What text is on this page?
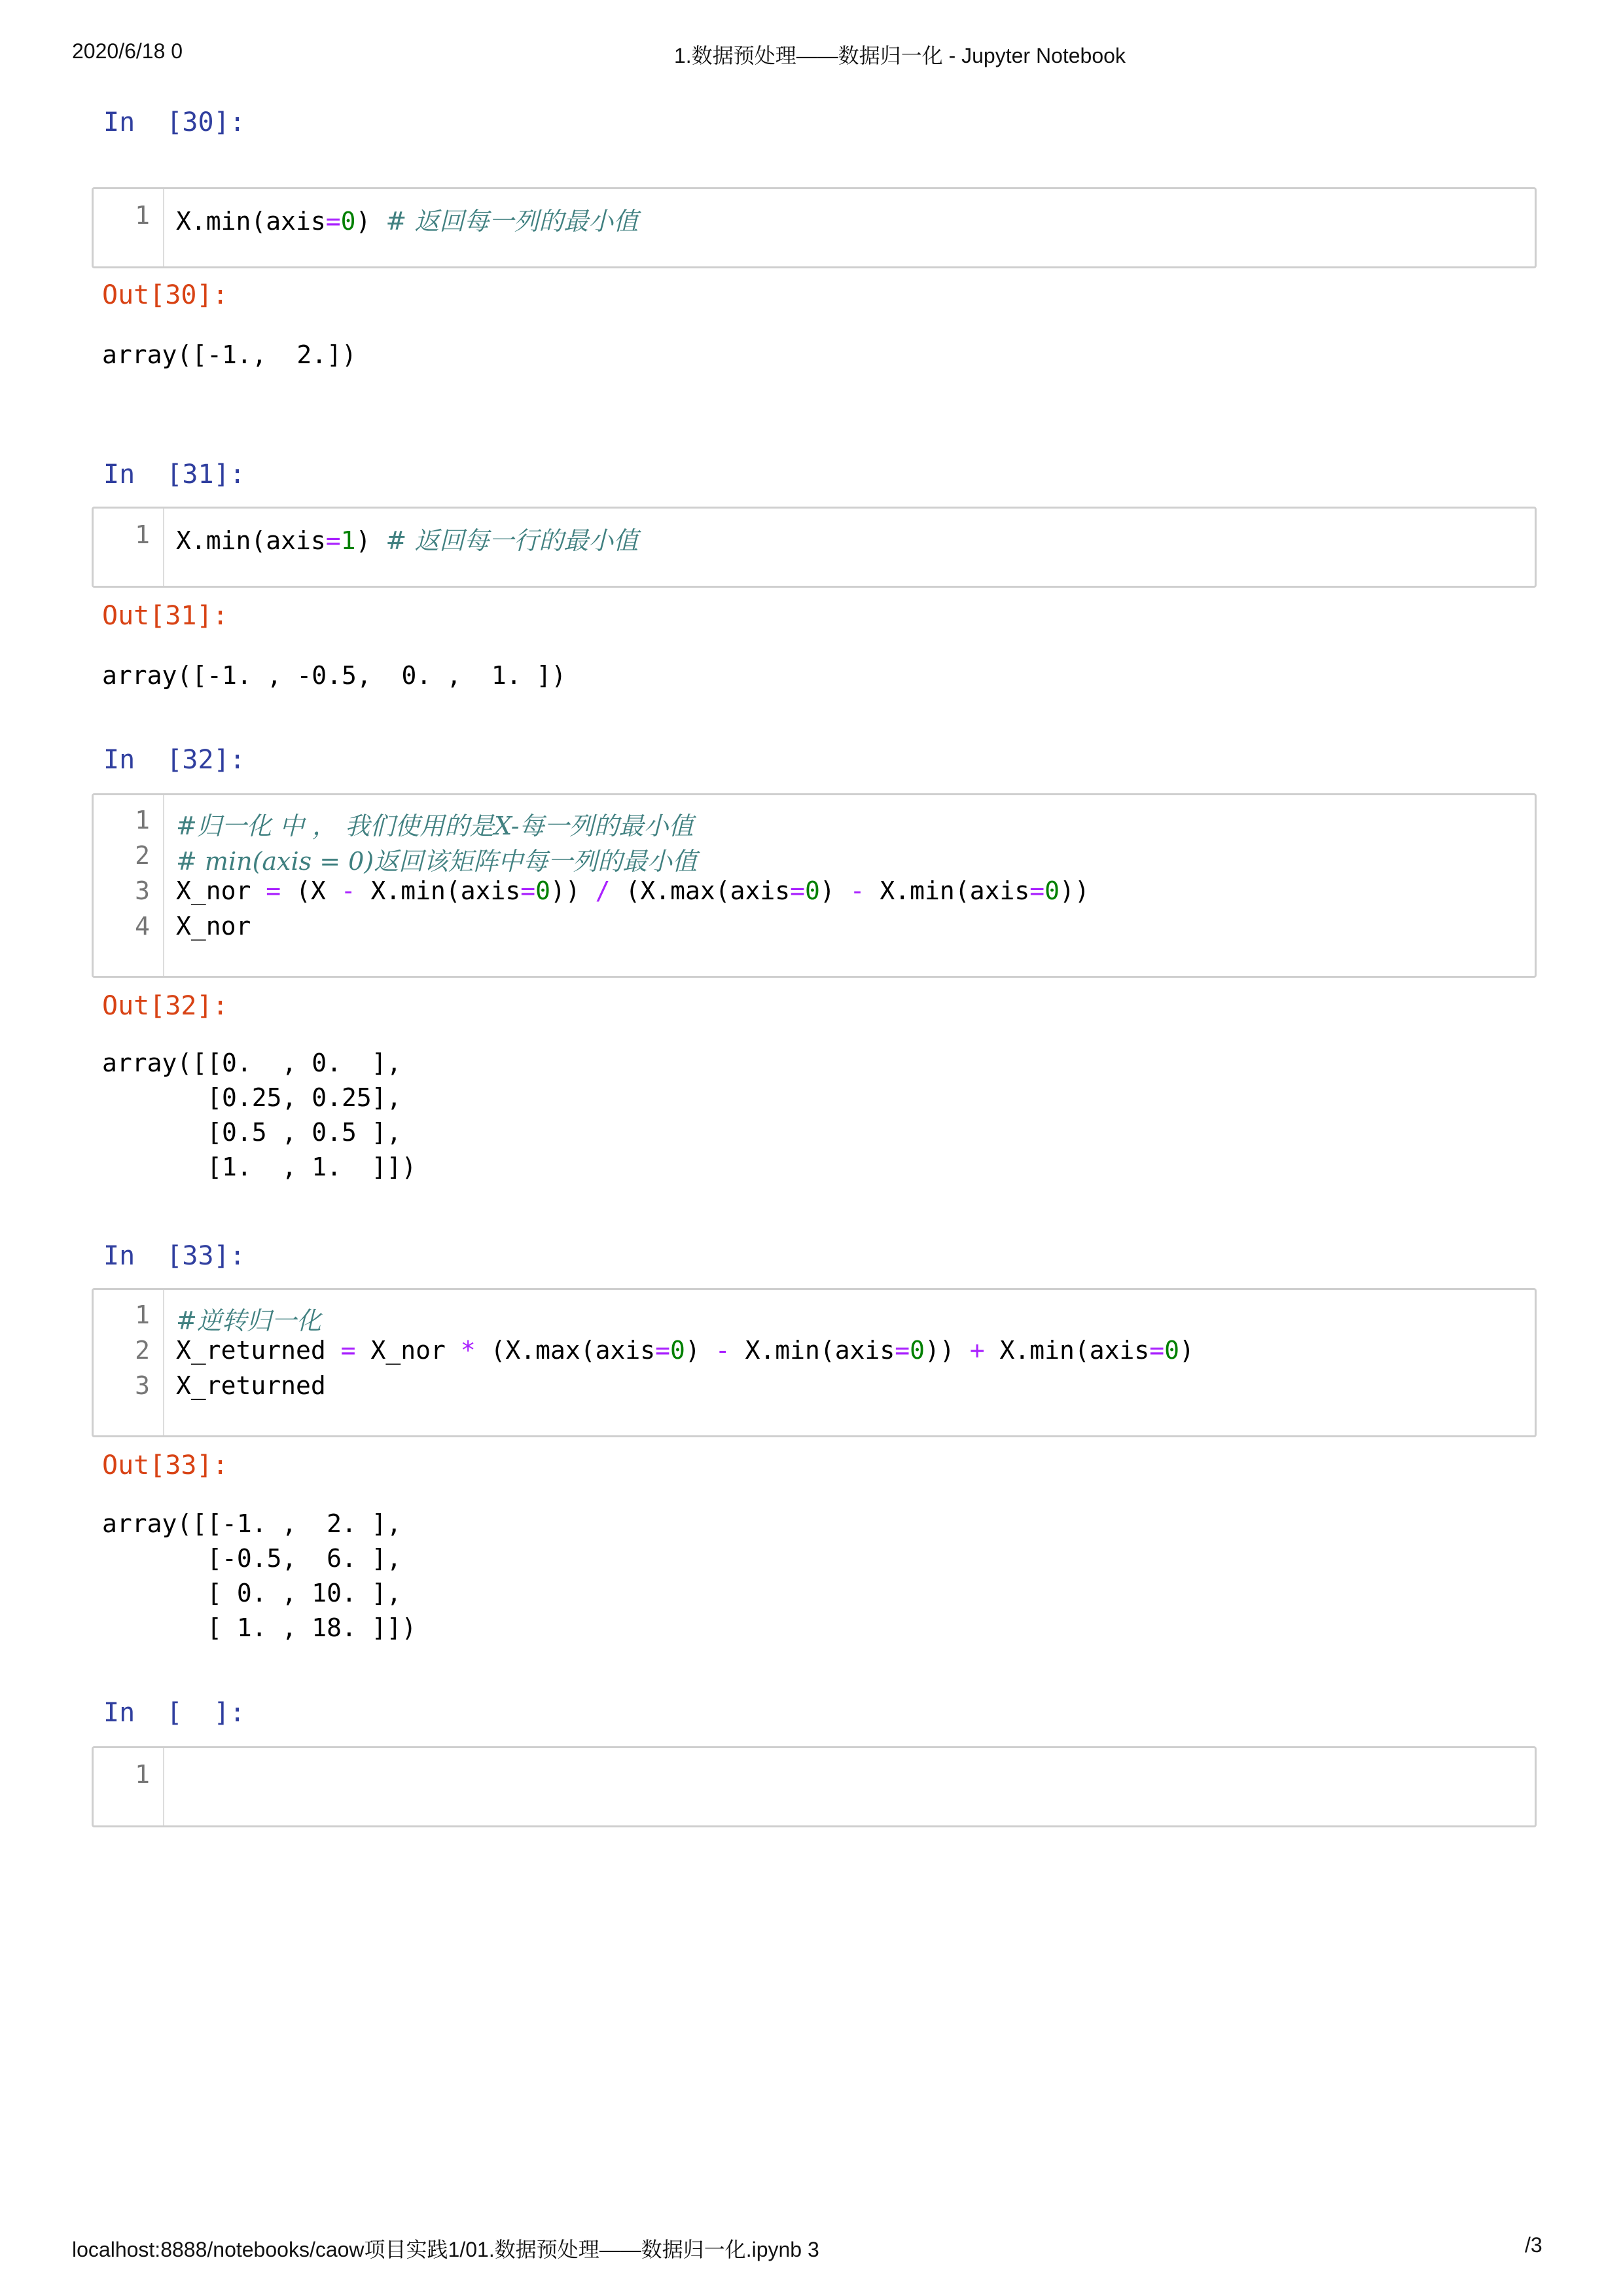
2020/6/18 0	1.数据预处理——数据归一化 - Jupyter Notebook
In  [30]:
1 X.min(axis=0) # 返回每一列的最小值
Out[30]:
array([-1.,  2.])
In  [31]:
1 X.min(axis=1) # 返回每一行的最小值
Out[31]:
array([-1. , -0.5,  0. ,  1. ])
In  [32]:
1
2
3
4
#归一化 中 ， 我们使用的是X-每一列的最小值
# min(axis = 0)返回该矩阵中每一列的最小值
X_nor = (X - X.min(axis=0)) / (X.max(axis=0) - X.min(axis=0))
X_nor
Out[32]:
array([[0.  , 0.  ],
[0.25, 0.25],
[0.5 , 0.5 ],
[1.  , 1.  ]])
In  [33]:
1
2
3
#逆转归一化
X_returned = X_nor * (X.max(axis=0) - X.min(axis=0)) + X.min(axis=0)
X_returned
Out[33]:
array([[-1. ,  2. ],
[-0.5,  6. ],
[ 0. , 10. ],
[ 1. , 18. ]])
In  [  ]:
1
localhost:8888/notebooks/caow项目实践1/01.数据预处理——数据归一化.ipynb 3	/3
